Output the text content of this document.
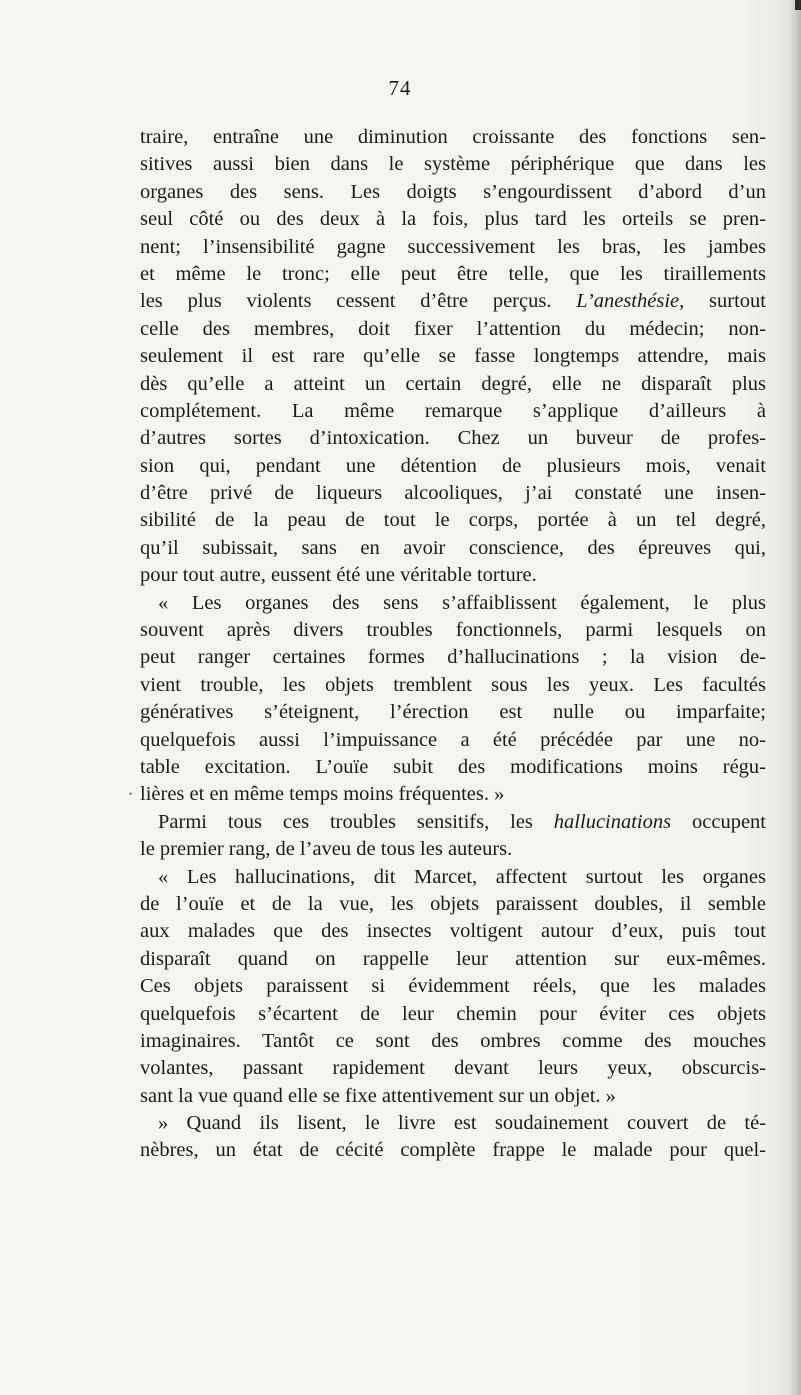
74
·
traire, entraîne une diminution croissante des fonctions sen-
sitives aussi bien dans le système périphérique que dans les
organes des sens. Les doigts s’engourdissent d’abord d’un
seul côté ou des deux à la fois, plus tard les orteils se pren-
nent; l’insensibilité gagne successivement les bras, les jambes
et même le tronc; elle peut être telle, que les tiraillements
les plus violents cessent d’être perçus. L’anesthésie, surtout
celle des membres, doit fixer l’attention du médecin; non-
seulement il est rare qu’elle se fasse longtemps attendre, mais
dès qu’elle a atteint un certain degré, elle ne disparaît plus
complétement. La même remarque s’applique d’ailleurs à
d’autres sortes d’intoxication. Chez un buveur de profes-
sion qui, pendant une détention de plusieurs mois, venait
d’être privé de liqueurs alcooliques, j’ai constaté une insen-
sibilité de la peau de tout le corps, portée à un tel degré,
qu’il subissait, sans en avoir conscience, des épreuves qui,
pour tout autre, eussent été une véritable torture.
« Les organes des sens s’affaiblissent également, le plus
souvent après divers troubles fonctionnels, parmi lesquels on
peut ranger certaines formes d’hallucinations ; la vision de-
vient trouble, les objets tremblent sous les yeux. Les facultés
génératives s’éteignent, l’érection est nulle ou imparfaite;
quelquefois aussi l’impuissance a été précédée par une no-
table excitation. L’ouïe subit des modifications moins régu-
lières et en même temps moins fréquentes. »
Parmi tous ces troubles sensitifs, les hallucinations occupent
le premier rang, de l’aveu de tous les auteurs.
« Les hallucinations, dit Marcet, affectent surtout les organes
de l’ouïe et de la vue, les objets paraissent doubles, il semble
aux malades que des insectes voltigent autour d’eux, puis tout
disparaît quand on rappelle leur attention sur eux-mêmes.
Ces objets paraissent si évidemment réels, que les malades
quelquefois s’écartent de leur chemin pour éviter ces objets
imaginaires. Tantôt ce sont des ombres comme des mouches
volantes, passant rapidement devant leurs yeux, obscurcis-
sant la vue quand elle se fixe attentivement sur un objet. »
» Quand ils lisent, le livre est soudainement couvert de té-
nèbres, un état de cécité complète frappe le malade pour quel-
